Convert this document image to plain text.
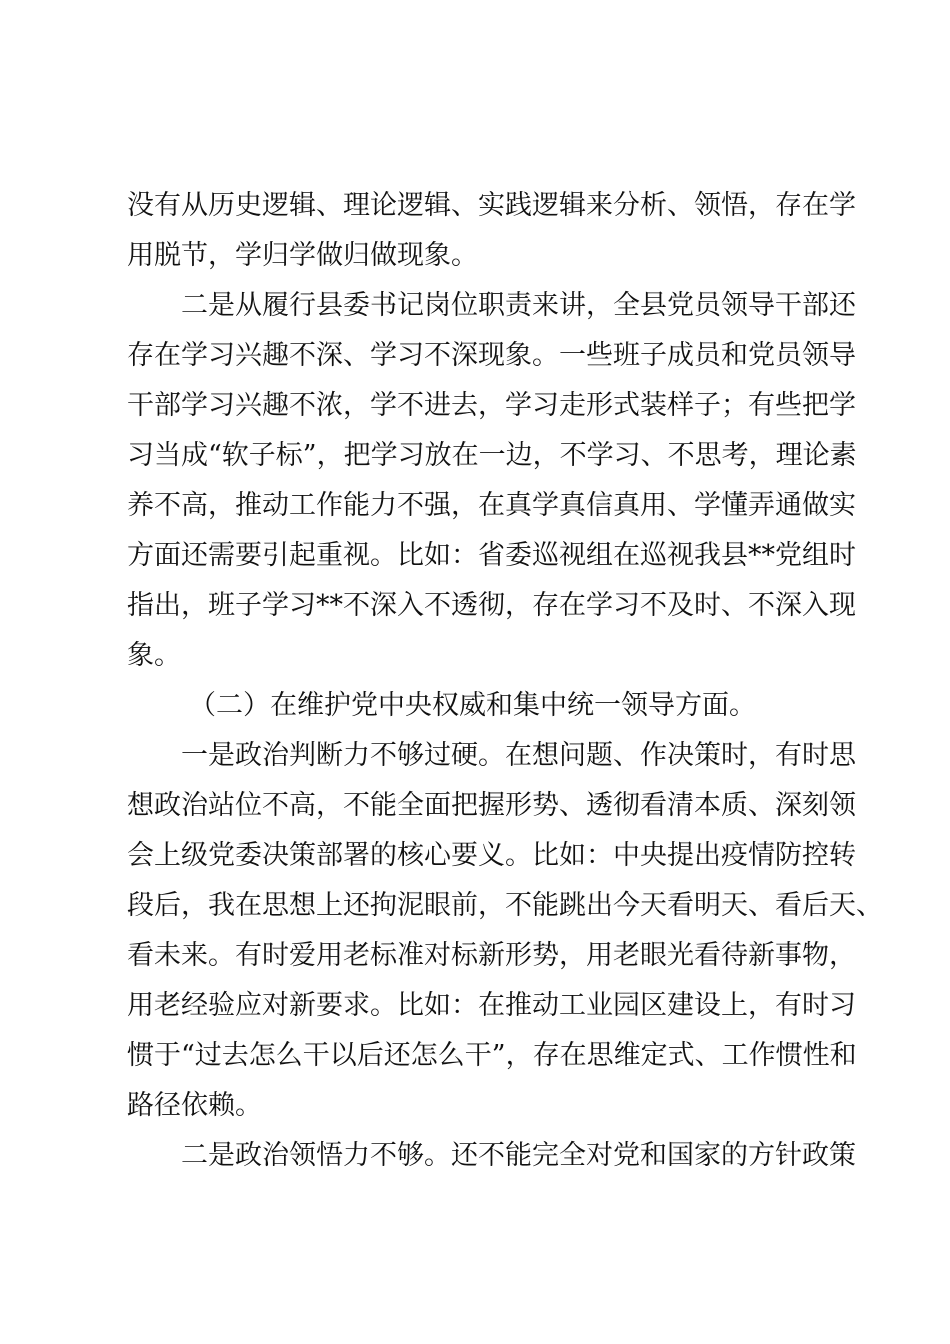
没有从历史逻辑、理论逻辑、实践逻辑来分析、领悟，存在学
用脱节，学归学做归做现象。
二是从履行县委书记岗位职责来讲，全县党员领导干部还
存在学习兴趣不深、学习不深现象。一些班子成员和党员领导
干部学习兴趣不浓，学不进去，学习走形式装样子；有些把学
习当成“软子标”，把学习放在一边，不学习、不思考，理论素
养不高，推动工作能力不强，在真学真信真用、学懂弄通做实
方面还需要引起重视。比如：省委巡视组在巡视我县**党组时
指出，班子学习**不深入不透彻，存在学习不及时、不深入现
象。
（二）在维护党中央权威和集中统一领导方面。
一是政治判断力不够过硬。在想问题、作决策时，有时思
想政治站位不高，不能全面把握形势、透彻看清本质、深刻领
会上级党委决策部署的核心要义。比如：中央提出疫情防控转
段后，我在思想上还拘泥眼前，不能跳出今天看明天、看后天、
看未来。有时爱用老标准对标新形势，用老眼光看待新事物，
用老经验应对新要求。比如：在推动工业园区建设上，有时习
惯于“过去怎么干以后还怎么干”，存在思维定式、工作惯性和
路径依赖。
二是政治领悟力不够。还不能完全对党和国家的方针政策
